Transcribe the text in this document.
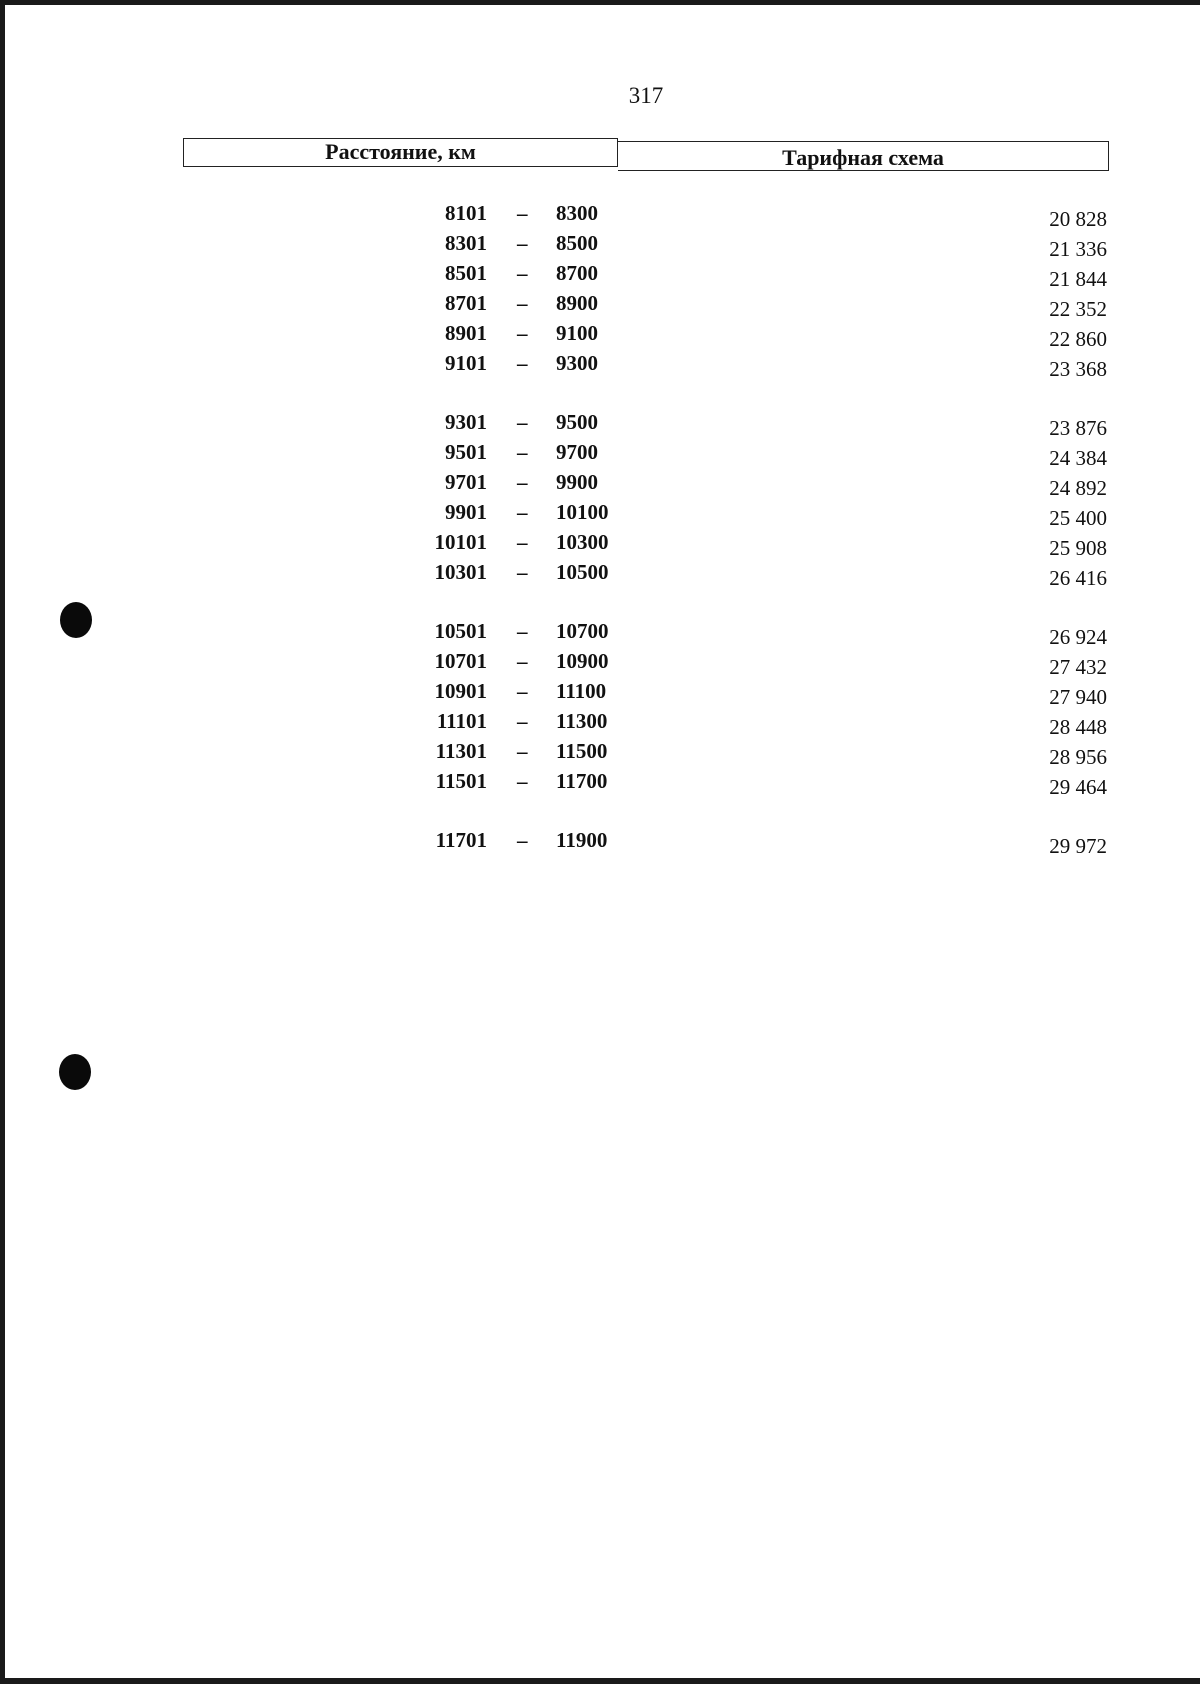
317
Расстояние, км	Тарифная схема
8101 – 8300	20 828
8301 – 8500	21 336
8501 – 8700	21 844
8701 – 8900	22 352
8901 – 9100	22 860
9101 – 9300	23 368
9301 – 9500	23 876
9501 – 9700	24 384
9701 – 9900	24 892
9901 – 10100	25 400
10101 – 10300	25 908
10301 – 10500	26 416
10501 – 10700	26 924
10701 – 10900	27 432
10901 – 11100	27 940
11101 – 11300	28 448
11301 – 11500	28 956
11501 – 11700	29 464
11701 – 11900	29 972
